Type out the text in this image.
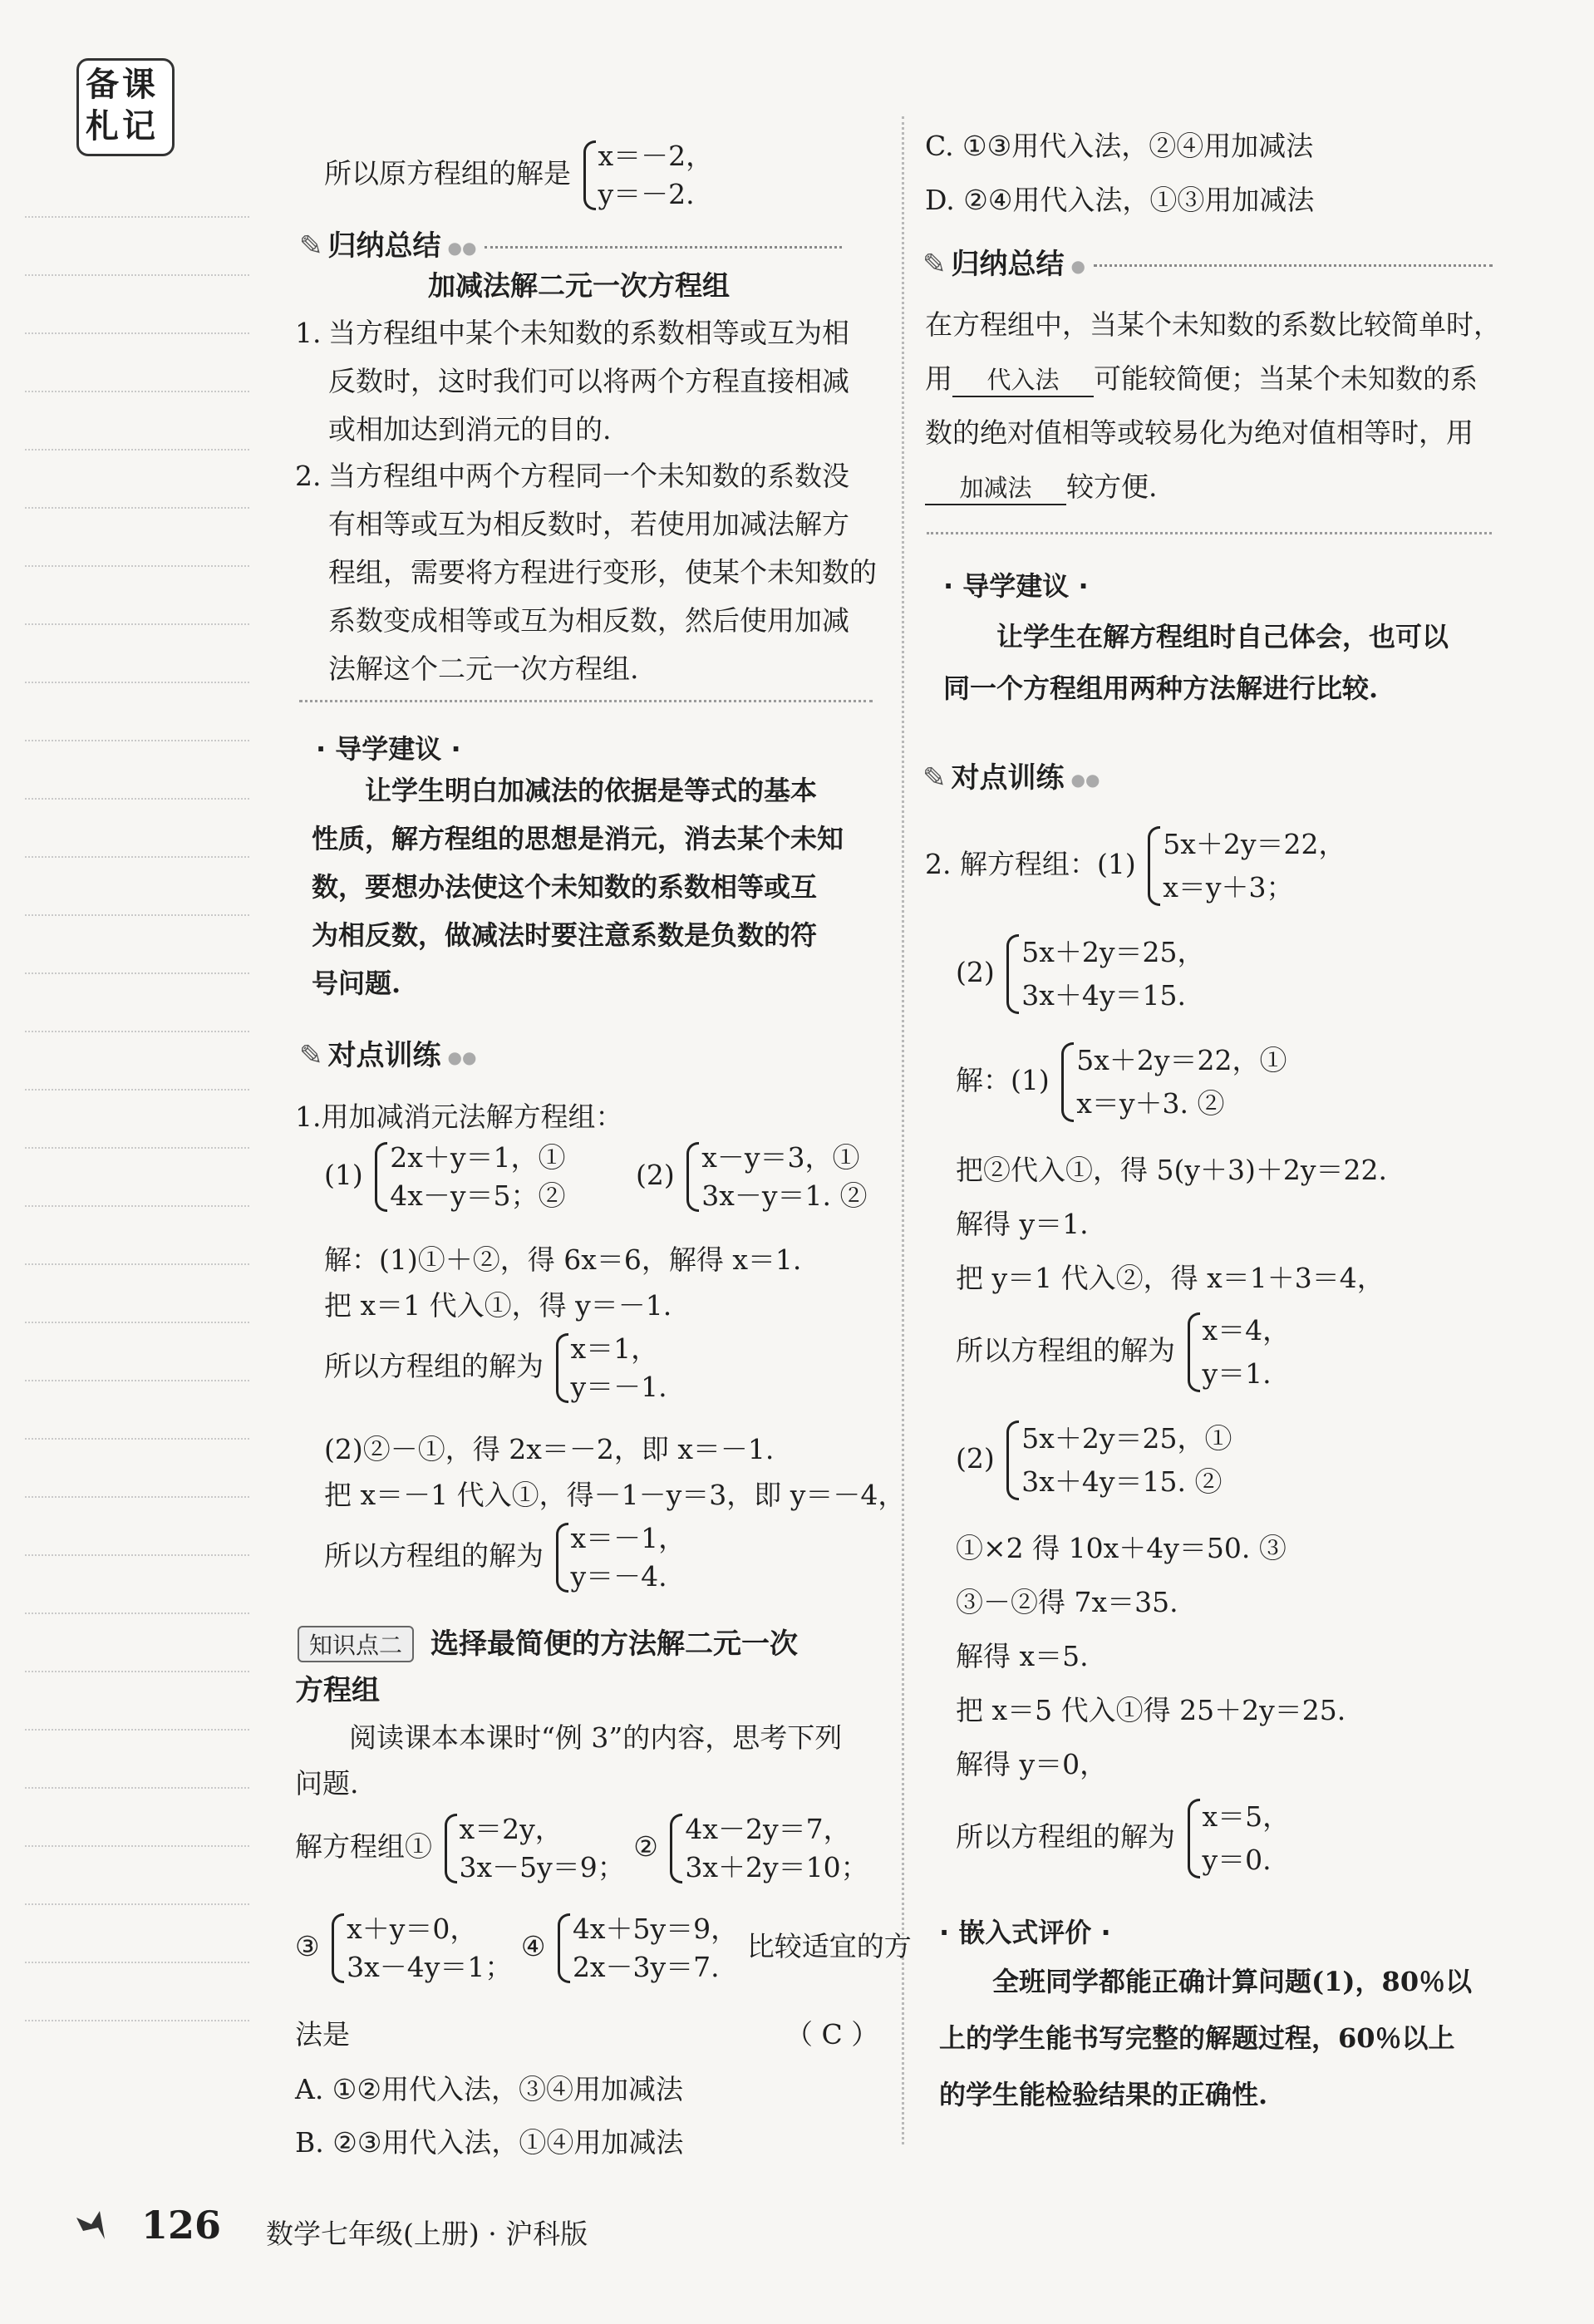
备课
札记
所以原方程组的解是
x＝－2，
y＝－2.
✎ 归纳总结 ●●
加减法解二元一次方程组
1. 当方程组中某个未知数的系数相等或互为相

反数时，这时我们可以将两个方程直接相减

或相加达到消元的目的.

2. 当方程组中两个方程同一个未知数的系数没

有相等或互为相反数时，若使用加减法解方

程组，需要将方程进行变形，使某个未知数的

系数变成相等或互为相反数，然后使用加减

法解这个二元一次方程组.

· 导学建议 ·

让学生明白加减法的依据是等式的基本

性质，解方程组的思想是消元，消去某个未知

数，要想办法使这个未知数的系数相等或互

为相反数，做减法时要注意系数是负数的符

号问题.

✎ 对点训练 ●●
1.用加减消元法解方程组：
(1)
2x＋y＝1，①
4x－y＝5；②
(2)
x－y＝3，①
3x－y＝1. ②
解：(1)①＋②，得 6x＝6，解得 x＝1.
把 x＝1 代入①，得 y＝－1.
所以方程组的解为
x＝1，
y＝－1.
(2)②－①，得 2x＝－2，即 x＝－1.
把 x＝－1 代入①，得－1－y＝3，即 y＝－4，
所以方程组的解为
x＝－1，
y＝－4.
知识点二 选择最简便的方法解二元一次
方程组
阅读课本本课时“例 3”的内容，思考下列
问题.
解方程组①
x＝2y，
3x－5y＝9；
②
4x－2y＝7，
3x＋2y＝10；
③
x＋y＝0，
3x－4y＝1；
④
4x＋5y＝9，
2x－3y＝7.
比较适宜的方
法是	（ C ）
A. ①②用代入法，③④用加减法
B. ②③用代入法，①④用加减法
C. ①③用代入法，②④用加减法
D. ②④用代入法，①③用加减法
✎ 归纳总结 ●
在方程组中，当某个未知数的系数比较简单时，
用 代入法 可能较简便；当某个未知数的系
数的绝对值相等或较易化为绝对值相等时，用
加减法 较方便.
· 导学建议 ·

让学生在解方程组时自己体会，也可以

同一个方程组用两种方法解进行比较.

✎ 对点训练 ●●
2. 解方程组：(1)
5x＋2y＝22，
x＝y＋3；
(2)
5x＋2y＝25，
3x＋4y＝15.
解：(1)
5x＋2y＝22，①
x＝y＋3. ②
把②代入①，得 5(y＋3)＋2y＝22.
解得 y＝1.
把 y＝1 代入②，得 x＝1＋3＝4，
所以方程组的解为
x＝4，
y＝1.
(2)
5x＋2y＝25，①
3x＋4y＝15. ②
①×2 得 10x＋4y＝50. ③
③－②得 7x＝35.
解得 x＝5.
把 x＝5 代入①得 25＋2y＝25.
解得 y＝0，
所以方程组的解为
x＝5，
y＝0.
· 嵌入式评价 ·

全班同学都能正确计算问题(1)，80％以

上的学生能书写完整的解题过程，60％以上

的学生能检验结果的正确性.

126 数学七年级(上册) · 沪科版
